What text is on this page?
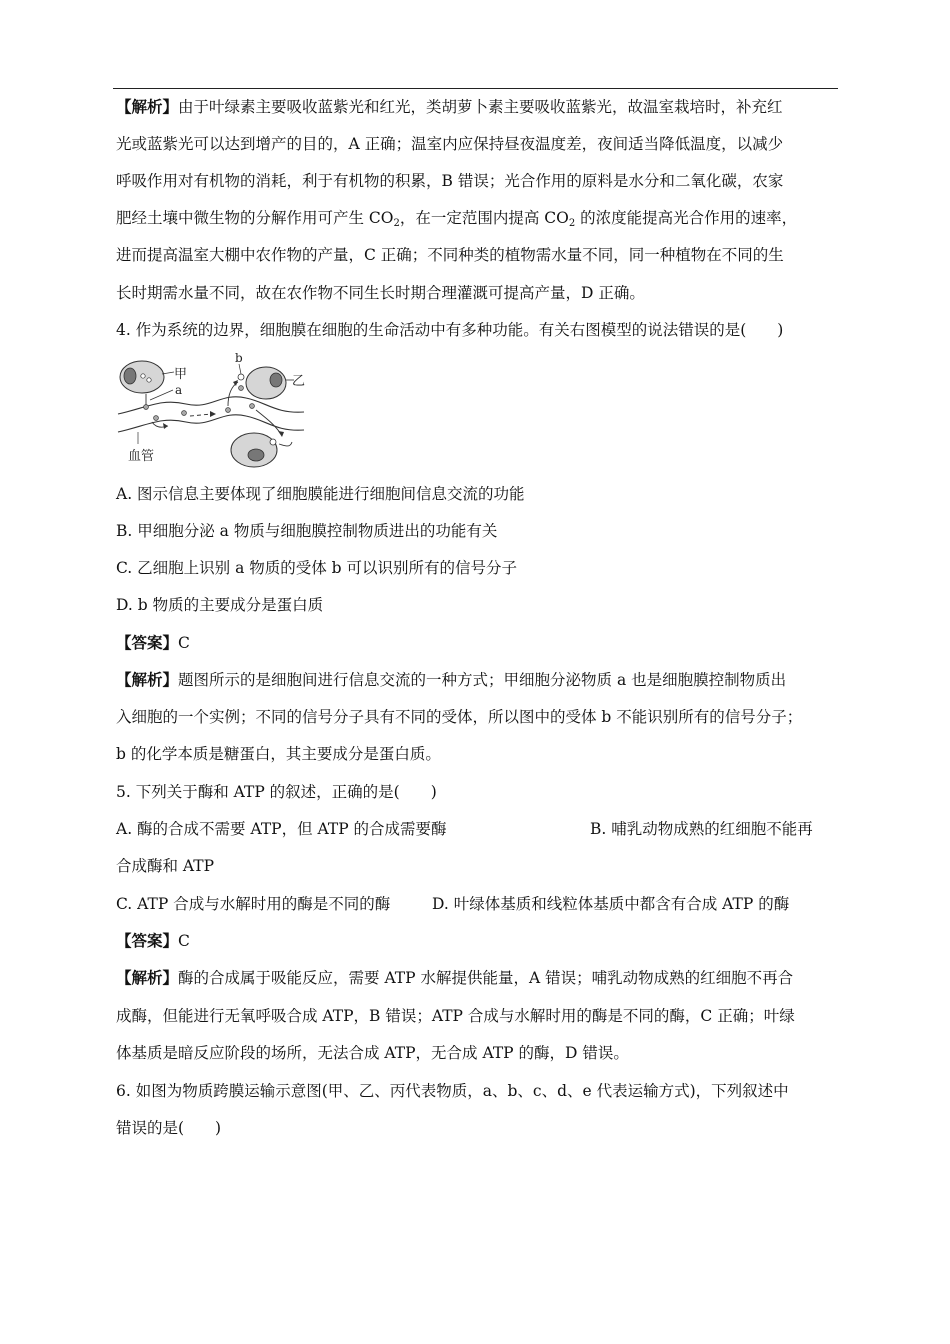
【解析】由于叶绿素主要吸收蓝紫光和红光，类胡萝卜素主要吸收蓝紫光，故温室栽培时，补充红
光或蓝紫光可以达到增产的目的，A 正确；温室内应保持昼夜温度差，夜间适当降低温度，以减少
呼吸作用对有机物的消耗，利于有机物的积累，B 错误；光合作用的原料是水分和二氧化碳，农家
肥经土壤中微生物的分解作用可产生 $CO_2$，在一定范围内提高 $CO_2$ 的浓度能提高光合作用的速率，
进而提高温室大棚中农作物的产量，C 正确；不同种类的植物需水量不同，同一种植物在不同的生
长时期需水量不同，故在农作物不同生长时期合理灌溉可提高产量，D 正确。
4. 作为系统的边界，细胞膜在细胞的生命活动中有多种功能。有关右图模型的说法错误的是(　　)
甲
a
b
乙
血管
A. 图示信息主要体现了细胞膜能进行细胞间信息交流的功能
B. 甲细胞分泌 a 物质与细胞膜控制物质进出的功能有关
C. 乙细胞上识别 a 物质的受体 b 可以识别所有的信号分子
D. b 物质的主要成分是蛋白质
【答案】C
【解析】题图所示的是细胞间进行信息交流的一种方式；甲细胞分泌物质 a 也是细胞膜控制物质出
入细胞的一个实例；不同的信号分子具有不同的受体，所以图中的受体 b 不能识别所有的信号分子；
b 的化学本质是糖蛋白，其主要成分是蛋白质。
5. 下列关于酶和 ATP 的叙述，正确的是(　　)
A. 酶的合成不需要 ATP，但 ATP 的合成需要酶	B. 哺乳动物成熟的红细胞不能再
合成酶和 ATP
C. ATP 合成与水解时用的酶是不同的酶	D. 叶绿体基质和线粒体基质中都含有合成 ATP 的酶
【答案】C
【解析】酶的合成属于吸能反应，需要 ATP 水解提供能量，A 错误；哺乳动物成熟的红细胞不再合
成酶，但能进行无氧呼吸合成 ATP，B 错误；ATP 合成与水解时用的酶是不同的酶，C 正确；叶绿
体基质是暗反应阶段的场所，无法合成 ATP，无合成 ATP 的酶，D 错误。
6. 如图为物质跨膜运输示意图(甲、乙、丙代表物质，a、b、c、d、e 代表运输方式)，下列叙述中
错误的是(　　)
